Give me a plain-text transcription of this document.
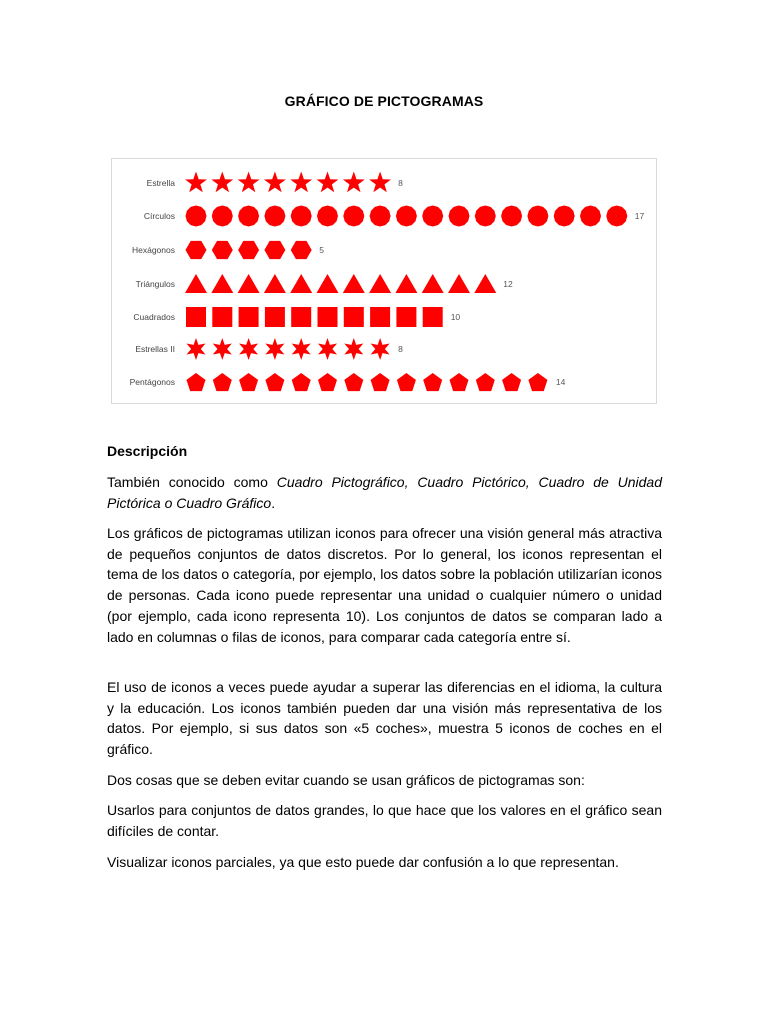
GRÁFICO DE PICTOGRAMAS
Estrella	8
Círculos	17
Hexágonos	5
Triángulos	12
Cuadrados	10
Estrellas II	8
Pentágonos	14
Descripción

También conocido como Cuadro Pictográfico, Cuadro Pictórico, Cuadro de Unidad Pictórica o Cuadro Gráfico.

Los gráficos de pictogramas utilizan iconos para ofrecer una visión general más atractiva de pequeños conjuntos de datos discretos. Por lo general, los iconos representan el tema de los datos o categoría, por ejemplo, los datos sobre la población utilizarían iconos de personas. Cada icono puede representar una unidad o cualquier número o unidad (por ejemplo, cada icono representa 10). Los conjuntos de datos se comparan lado a lado en columnas o filas de iconos, para comparar cada categoría entre sí.

El uso de iconos a veces puede ayudar a superar las diferencias en el idioma, la cultura y la educación. Los iconos también pueden dar una visión más representativa de los datos. Por ejemplo, si sus datos son «5 coches», muestra 5 iconos de coches en el gráfico.

Dos cosas que se deben evitar cuando se usan gráficos de pictogramas son:

Usarlos para conjuntos de datos grandes, lo que hace que los valores en el gráfico sean difíciles de contar.

Visualizar iconos parciales, ya que esto puede dar confusión a lo que representan.
